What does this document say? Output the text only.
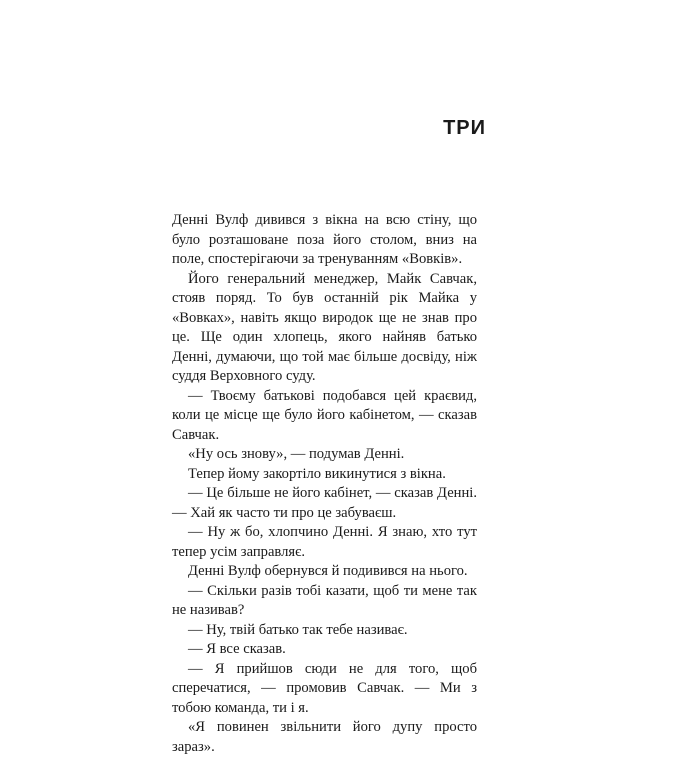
ТРИ

Денні Вулф дивився з вікна на всю стіну, що було розташоване поза його столом, вниз на поле, спостерігаючи за тренуванням «Вовків».

Його генеральний менеджер, Майк Савчак, стояв поряд. То був останній рік Майка у «Вовках», навіть якщо виродок ще не знав про це. Ще один хлопець, якого найняв батько Денні, думаючи, що той має більше досвіду, ніж суддя Верховного суду.

— Твоєму батькові подобався цей краєвид, коли це місце ще було його кабінетом, — сказав Савчак.

«Ну ось знову», — подумав Денні.

Тепер йому закортіло викинутися з вікна.

— Це більше не його кабінет, — сказав Денні. — Хай як часто ти про це забуваєш.

— Ну ж бо, хлопчино Денні. Я знаю, хто тут тепер усім заправляє.

Денні Вулф обернувся й подивився на нього.

— Скільки разів тобі казати, щоб ти мене так не називав?

— Ну, твій батько так тебе називає.

— Я все сказав.

— Я прийшов сюди не для того, щоб сперечатися, — промовив Савчак. — Ми з тобою команда, ти і я.

«Я повинен звільнити його дупу просто зараз».
